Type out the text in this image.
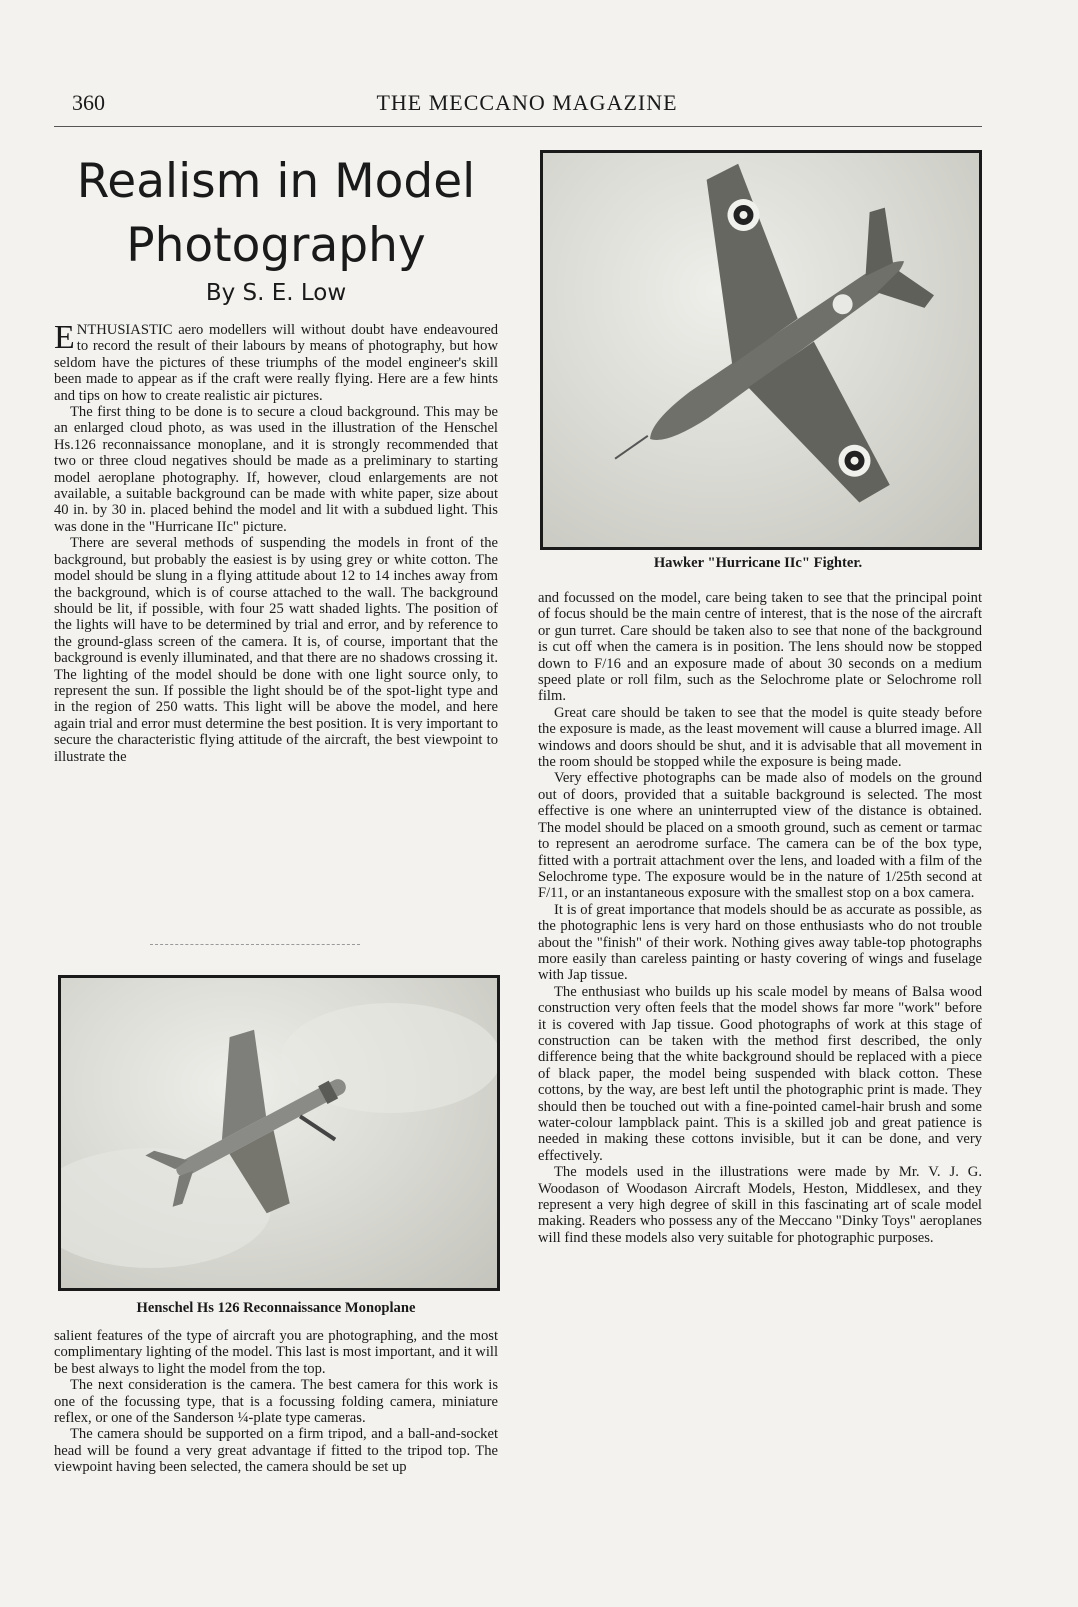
360	THE MECCANO MAGAZINE
Realism in Model
Photography
By S. E. Low

ENTHUSIASTIC aero modellers will without doubt have endeavoured to record the result of their labours by means of photography, but how seldom have the pictures of these triumphs of the model engineer's skill been made to appear as if the craft were really flying. Here are a few hints and tips on how to create realistic air pictures.

The first thing to be done is to secure a cloud background. This may be an enlarged cloud photo, as was used in the illustration of the Henschel Hs.126 reconnaissance monoplane, and it is strongly recommended that two or three cloud negatives should be made as a preliminary to starting model aeroplane photography. If, however, cloud enlargements are not available, a suitable background can be made with white paper, size about 40 in. by 30 in. placed behind the model and lit with a subdued light. This was done in the "Hurricane IIc" picture.

There are several methods of suspending the models in front of the background, but probably the easiest is by using grey or white cotton. The model should be slung in a flying attitude about 12 to 14 inches away from the background, which is of course attached to the wall. The background should be lit, if possible, with four 25 watt shaded lights. The position of the lights will have to be determined by trial and error, and by reference to the ground-glass screen of the camera. It is, of course, important that the background is evenly illuminated, and that there are no shadows crossing it. The lighting of the model should be done with one light source only, to represent the sun. If possible the light should be of the spot-light type and in the region of 250 watts. This light will be above the model, and here again trial and error must determine the best position. It is very important to secure the characteristic flying attitude of the aircraft, the best viewpoint to illustrate the

Henschel Hs 126 Reconnaissance Monoplane

salient features of the type of aircraft you are photographing, and the most complimentary lighting of the model. This last is most important, and it will be best always to light the model from the top.

The next consideration is the camera. The best camera for this work is one of the focussing type, that is a focussing folding camera, miniature reflex, or one of the Sanderson ¼-plate type cameras.

The camera should be supported on a firm tripod, and a ball-and-socket head will be found a very great advantage if fitted to the tripod top. The viewpoint having been selected, the camera should be set up

Hawker "Hurricane IIc" Fighter.

and focussed on the model, care being taken to see that the principal point of focus should be the main centre of interest, that is the nose of the aircraft or gun turret. Care should be taken also to see that none of the background is cut off when the camera is in position. The lens should now be stopped down to F/16 and an exposure made of about 30 seconds on a medium speed plate or roll film, such as the Selochrome plate or Selochrome roll film.

Great care should be taken to see that the model is quite steady before the exposure is made, as the least movement will cause a blurred image. All windows and doors should be shut, and it is advisable that all movement in the room should be stopped while the exposure is being made.

Very effective photographs can be made also of models on the ground out of doors, provided that a suitable background is selected. The most effective is one where an uninterrupted view of the distance is obtained. The model should be placed on a smooth ground, such as cement or tarmac to represent an aerodrome surface. The camera can be of the box type, fitted with a portrait attachment over the lens, and loaded with a film of the Selochrome type. The exposure would be in the nature of 1/25th second at F/11, or an instantaneous exposure with the smallest stop on a box camera.

It is of great importance that models should be as accurate as possible, as the photographic lens is very hard on those enthusiasts who do not trouble about the "finish" of their work. Nothing gives away table-top photographs more easily than careless painting or hasty covering of wings and fuselage with Jap tissue.

The enthusiast who builds up his scale model by means of Balsa wood construction very often feels that the model shows far more "work" before it is covered with Jap tissue. Good photographs of work at this stage of construction can be taken with the method first described, the only difference being that the white background should be replaced with a piece of black paper, the model being suspended with black cotton. These cottons, by the way, are best left until the photographic print is made. They should then be touched out with a fine-pointed camel-hair brush and some water-colour lampblack paint. This is a skilled job and great patience is needed in making these cottons invisible, but it can be done, and very effectively.

The models used in the illustrations were made by Mr. V. J. G. Woodason of Woodason Aircraft Models, Heston, Middlesex, and they represent a very high degree of skill in this fascinating art of scale model making. Readers who possess any of the Meccano "Dinky Toys" aeroplanes will find these models also very suitable for photographic purposes.
